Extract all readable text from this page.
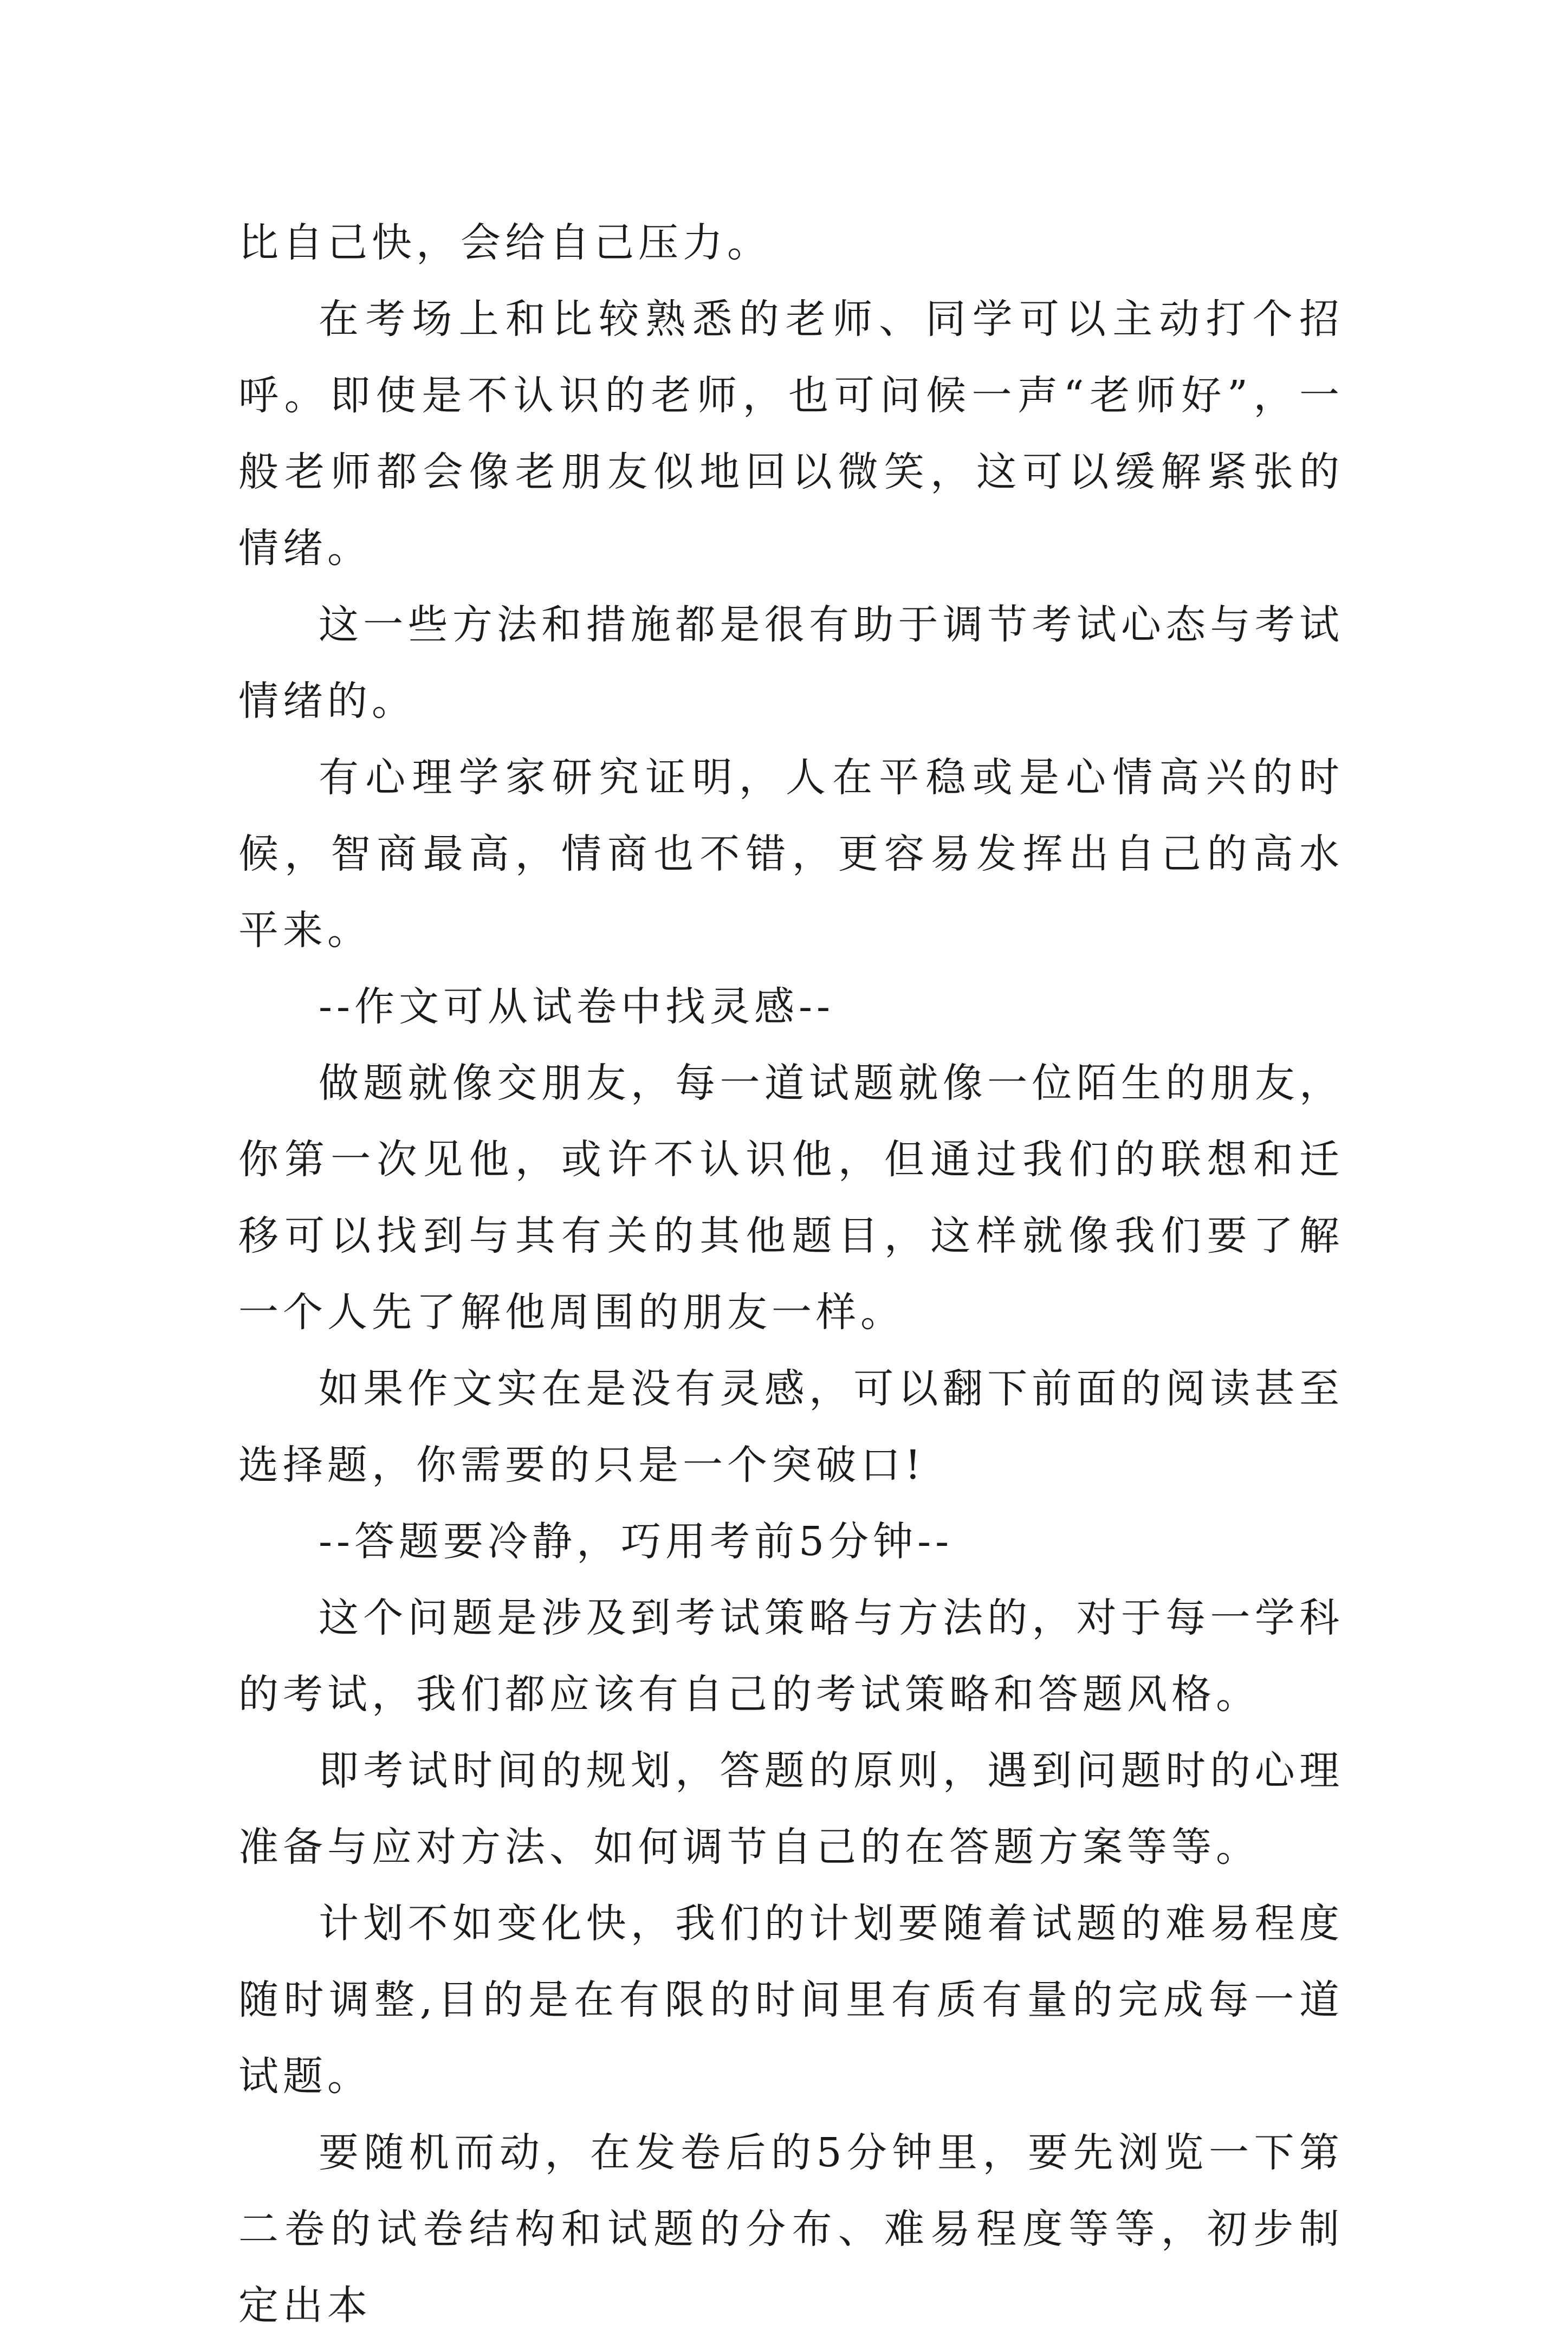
比自己快，会给自己压力。

在考场上和比较熟悉的老师、同学可以主动打个招呼。即使是不认识的老师，也可问候一声“老师好”，一般老师都会像老朋友似地回以微笑，这可以缓解紧张的情绪。

这一些方法和措施都是很有助于调节考试心态与考试情绪的。

有心理学家研究证明，人在平稳或是心情高兴的时候，智商最高，情商也不错，更容易发挥出自己的高水平来。

--作文可从试卷中找灵感--

做题就像交朋友，每一道试题就像一位陌生的朋友，你第一次见他，或许不认识他，但通过我们的联想和迁移可以找到与其有关的其他题目，这样就像我们要了解一个人先了解他周围的朋友一样。

如果作文实在是没有灵感，可以翻下前面的阅读甚至选择题，你需要的只是一个突破口!

--答题要冷静，巧用考前5分钟--

这个问题是涉及到考试策略与方法的，对于每一学科的考试，我们都应该有自己的考试策略和答题风格。

即考试时间的规划，答题的原则，遇到问题时的心理准备与应对方法、如何调节自己的在答题方案等等。

计划不如变化快，我们的计划要随着试题的难易程度随时调整,目的是在有限的时间里有质有量的完成每一道试题。

要随机而动，在发卷后的5分钟里，要先浏览一下第二卷的试卷结构和试题的分布、难易程度等等，初步制定出本
